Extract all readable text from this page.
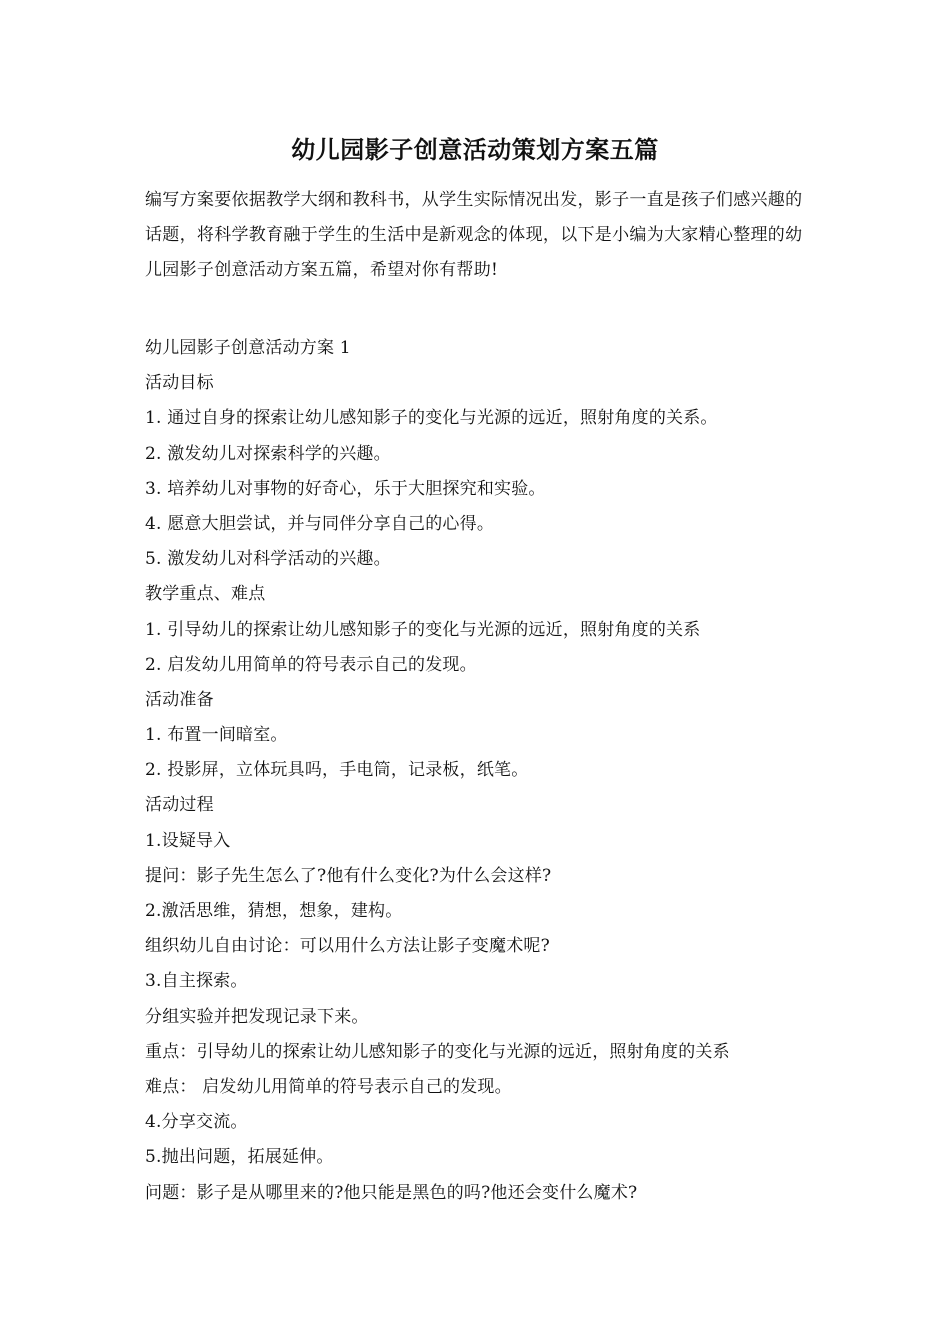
幼儿园影子创意活动策划方案五篇

编写方案要依据教学大纲和教科书，从学生实际情况出发，影子一直是孩子们感兴趣的话题，将科学教育融于学生的生活中是新观念的体现，以下是小编为大家精心整理的幼儿园影子创意活动方案五篇，希望对你有帮助!

幼儿园影子创意活动方案 1
活动目标
1. 通过自身的探索让幼儿感知影子的变化与光源的远近，照射角度的关系。
2. 激发幼儿对探索科学的兴趣。
3. 培养幼儿对事物的好奇心，乐于大胆探究和实验。
4. 愿意大胆尝试，并与同伴分享自己的心得。
5. 激发幼儿对科学活动的兴趣。
教学重点、难点
1. 引导幼儿的探索让幼儿感知影子的变化与光源的远近，照射角度的关系
2. 启发幼儿用简单的符号表示自己的发现。
活动准备
1. 布置一间暗室。
2. 投影屏，立体玩具吗，手电筒，记录板，纸笔。
活动过程
1.设疑导入
提问：影子先生怎么了?他有什么变化?为什么会这样?
2.激活思维，猜想，想象，建构。
组织幼儿自由讨论：可以用什么方法让影子变魔术呢?
3.自主探索。
分组实验并把发现记录下来。
重点：引导幼儿的探索让幼儿感知影子的变化与光源的远近，照射角度的关系
难点： 启发幼儿用简单的符号表示自己的发现。
4.分享交流。
5.抛出问题，拓展延伸。
问题：影子是从哪里来的?他只能是黑色的吗?他还会变什么魔术?
